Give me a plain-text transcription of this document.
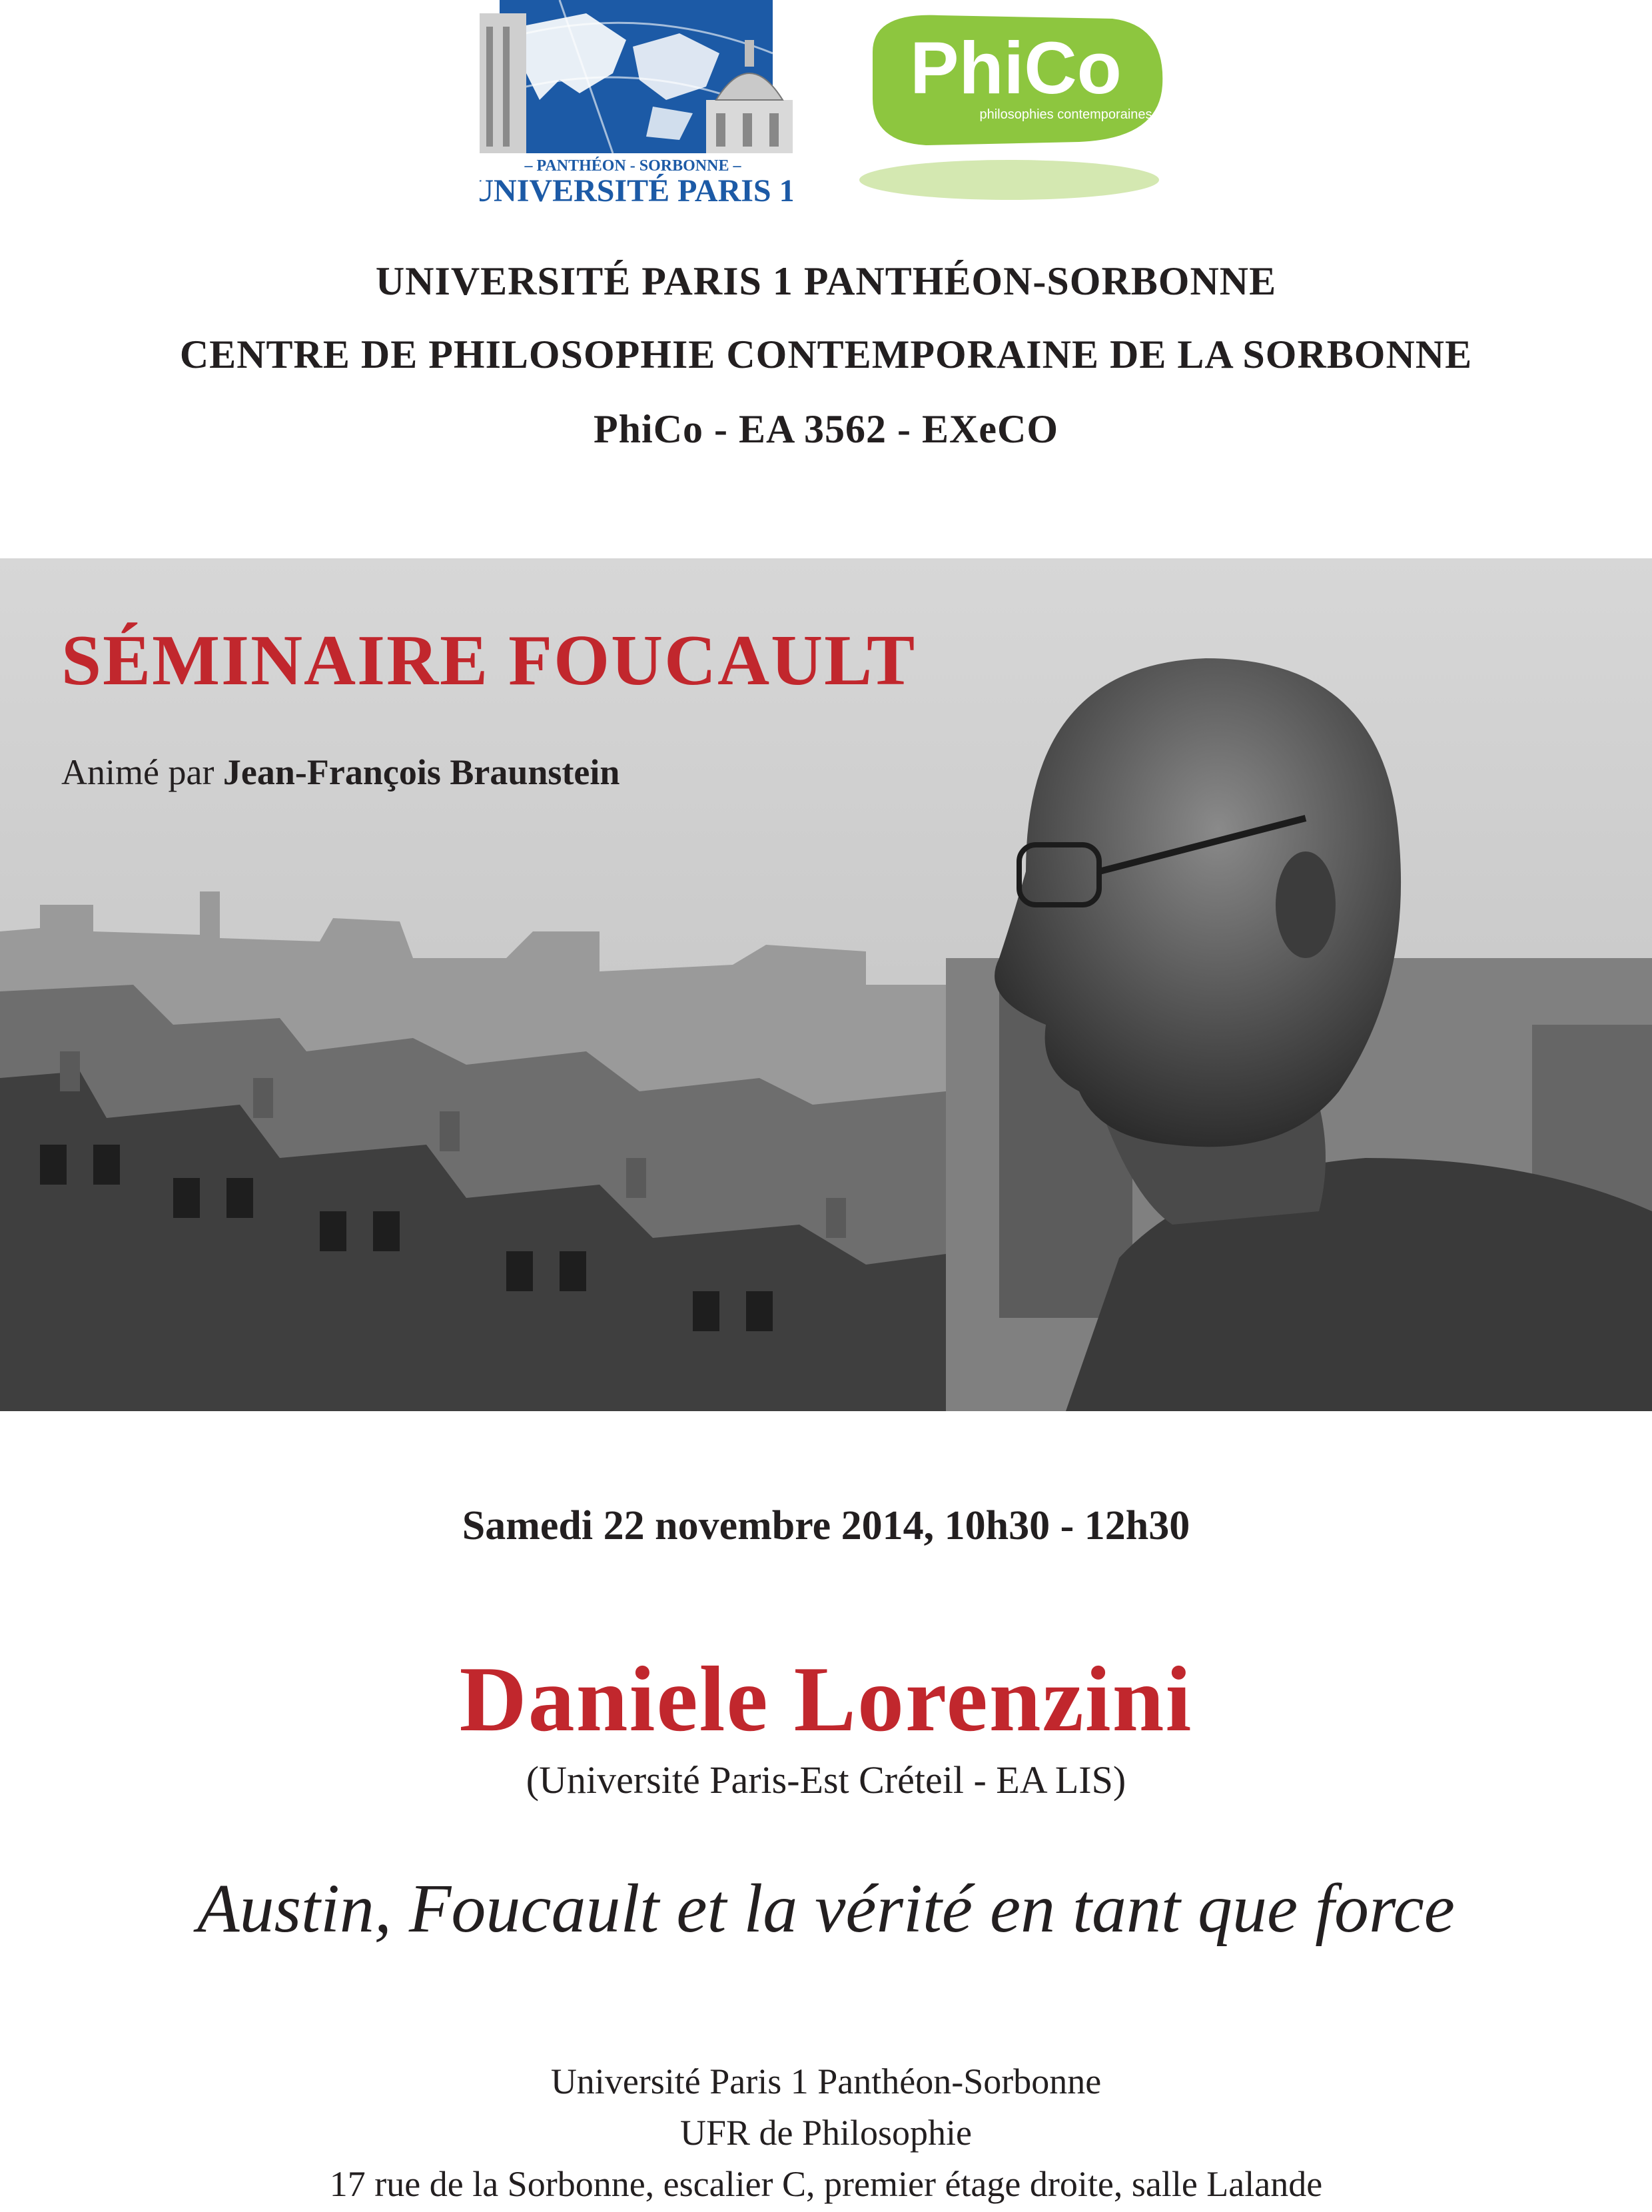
– PANTHÉON - SORBONNE –
UNIVERSITÉ PARIS 1
PhiCo
philosophies contemporaines
UNIVERSITÉ PARIS 1 PANTHÉON-SORBONNE
CENTRE DE PHILOSOPHIE CONTEMPORAINE DE LA SORBONNE
PhiCo - EA 3562 - EXeCO
SÉMINAIRE FOUCAULT
Animé par Jean-François Braunstein
Samedi 22 novembre 2014, 10h30 - 12h30
Daniele Lorenzini
(Université Paris-Est Créteil - EA LIS)
Austin, Foucault et la vérité en tant que force
Université Paris 1 Panthéon-Sorbonne
UFR de Philosophie
17 rue de la Sorbonne, escalier C, premier étage droite, salle Lalande
